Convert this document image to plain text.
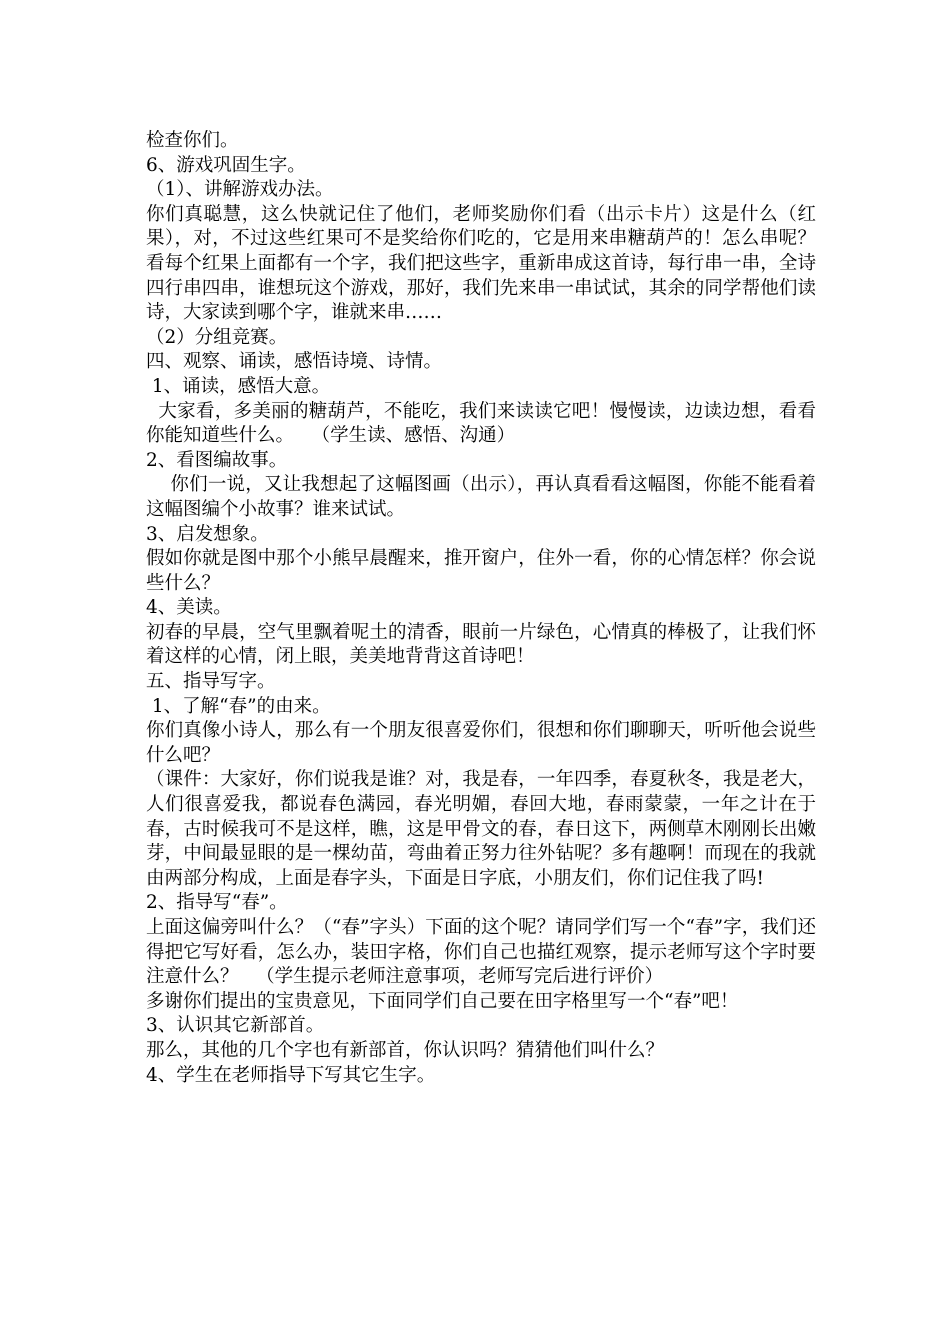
检查你们。

6、游戏巩固生字。

（1）、讲解游戏办法。

你们真聪慧，这么快就记住了他们，老师奖励你们看（出示卡片）这是什么（红果），对，不过这些红果可不是奖给你们吃的，它是用来串糖葫芦的！怎么串呢？看每个红果上面都有一个字，我们把这些字，重新串成这首诗，每行串一串，全诗四行串四串，谁想玩这个游戏，那好，我们先来串一串试试，其余的同学帮他们读诗，大家读到哪个字，谁就来串……

（2）分组竞赛。

四、观察、诵读，感悟诗境、诗情。

1、诵读，感悟大意。

大家看，多美丽的糖葫芦，不能吃，我们来读读它吧！慢慢读，边读边想，看看你能知道些什么。   （学生读、感悟、沟通）

2、看图编故事。

你们一说，又让我想起了这幅图画（出示），再认真看看这幅图，你能不能看着这幅图编个小故事？谁来试试。

3、启发想象。

假如你就是图中那个小熊早晨醒来，推开窗户，住外一看，你的心情怎样？你会说些什么？

4、美读。

初春的早晨，空气里飘着呢土的清香，眼前一片绿色，心情真的棒极了，让我们怀着这样的心情，闭上眼，美美地背背这首诗吧！

五、指导写字。

1、了解“春”的由来。

你们真像小诗人，那么有一个朋友很喜爱你们，很想和你们聊聊天，听听他会说些什么吧？

（课件：大家好，你们说我是谁？对，我是春，一年四季，春夏秋冬，我是老大，人们很喜爱我，都说春色满园，春光明媚，春回大地，春雨蒙蒙，一年之计在于春，古时候我可不是这样，瞧，这是甲骨文的春，春日这下，两侧草木刚刚长出嫩芽，中间最显眼的是一棵幼苗，弯曲着正努力往外钻呢？多有趣啊！而现在的我就由两部分构成，上面是春字头，下面是日字底，小朋友们，你们记住我了吗!

2、指导写“春”。

上面这偏旁叫什么？（“春”字头）下面的这个呢？请同学们写一个“春”字，我们还得把它写好看，怎么办，装田字格，你们自己也描红观察，提示老师写这个字时要注意什么？   （学生提示老师注意事项，老师写完后进行评价）

多谢你们提出的宝贵意见，下面同学们自己要在田字格里写一个“春”吧！

3、认识其它新部首。

那么，其他的几个字也有新部首，你认识吗？猜猜他们叫什么？

4、学生在老师指导下写其它生字。
